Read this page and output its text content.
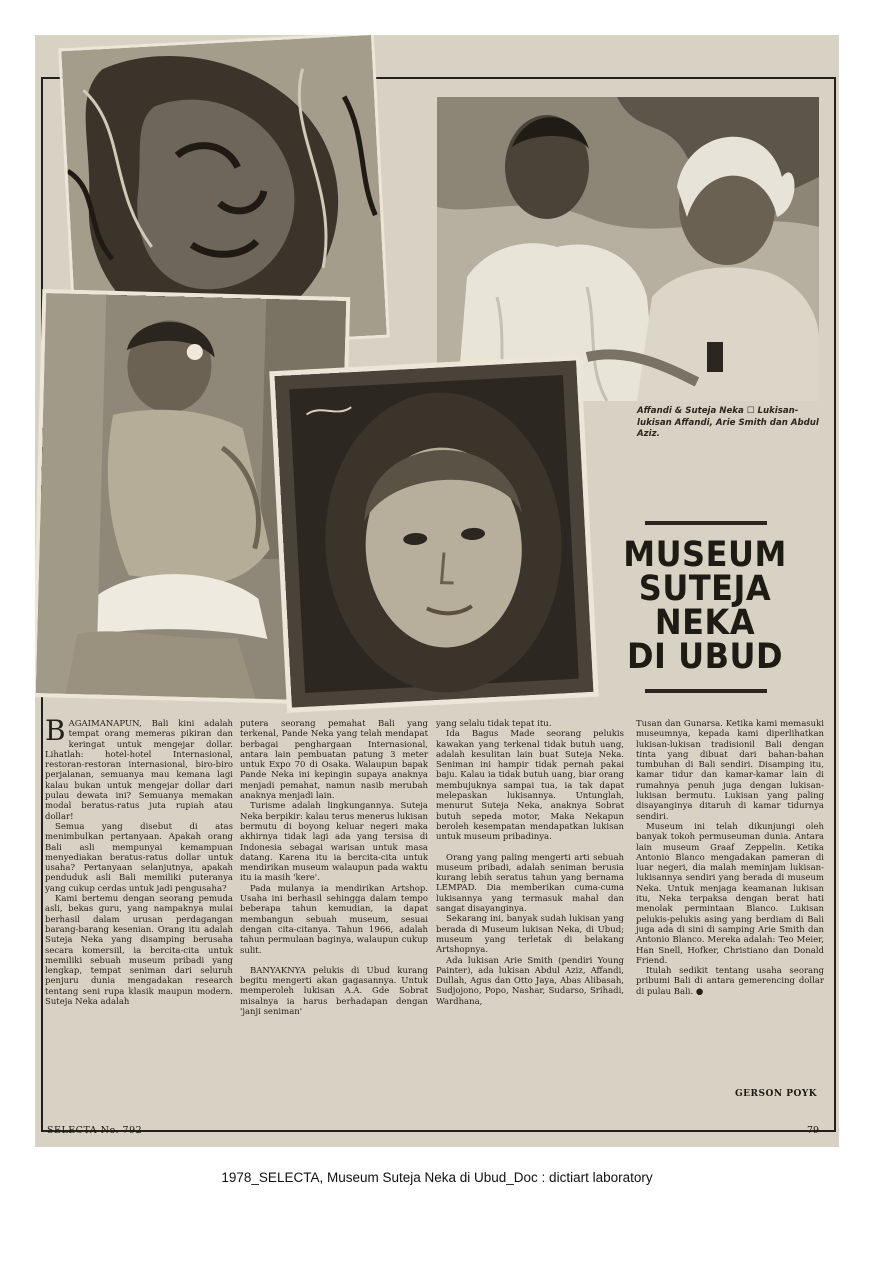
Affandi & Suteja Neka ☐ Lukisan-lukisan Affandi, Arie Smith dan Abdul Aziz.
MUSEUM
SUTEJA
NEKA
DI UBUD

BAGAIMANAPUN, Bali kini adalah tempat orang memeras pikiran dan keringat untuk mengejar dollar. Lihatlah: hotel-hotel Internasional, restoran-restoran internasional, biro-biro perjalanan, semuanya mau kemana lagi kalau bukan untuk mengejar dollar dari pulau dewata ini? Semuanya memakan modal beratus-ratus juta rupiah atau dollar!

Semua yang disebut di atas menimbulkan pertanyaan. Apakah orang Bali asli mempunyai kemampuan menyediakan beratus-ratus dollar untuk usaha? Pertanyaan selanjutnya, apakah penduduk asli Bali memiliki puteranya yang cukup cerdas untuk jadi pengusaha?

Kami bertemu dengan seorang pemuda asli, bekas guru, yang nampaknya mulai berhasil dalam urusan perdagangan barang-barang kesenian. Orang itu adalah Suteja Neka yang disamping berusaha secara komersiil, ia bercita-cita untuk memiliki sebuah museum pribadi yang lengkap, tempat seniman dari seluruh penjuru dunia mengadakan research tentang seni rupa klasik maupun modern. Suteja Neka adalah

putera seorang pemahat Bali yang terkenal, Pande Neka yang telah mendapat berbagai penghargaan Internasional, antara lain pembuatan patung 3 meter untuk Expo 70 di Osaka. Walaupun bapak Pande Neka ini kepingin supaya anaknya menjadi pemahat, namun nasib merubah anaknya menjadi lain.

Turisme adalah lingkungannya. Suteja Neka berpikir: kalau terus menerus lukisan bermutu di boyong keluar negeri maka akhirnya tidak lagi ada yang tersisa di Indonesia sebagai warisan untuk masa datang. Karena itu ia bercita-cita untuk mendirikan museum walaupun pada waktu itu ia masih 'kere'.

Pada mulanya ia mendirikan Artshop. Usaha ini berhasil sehingga dalam tempo beberapa tahun kemudian, ia dapat membangun sebuah museum, sesuai dengan cita-citanya. Tahun 1966, adalah tahun permulaan baginya, walaupun cukup sulit.

BANYAKNYA pelukis di Ubud kurang begitu mengerti akan gagasannya. Untuk memperoleh lukisan A.A. Gde Sobrat misalnya ia harus berhadapan dengan 'janji seniman'

yang selalu tidak tepat itu.

Ida Bagus Made seorang pelukis kawakan yang terkenal tidak butuh uang, adalah kesulitan lain buat Suteja Neka. Seniman ini hampir tidak pernah pakai baju. Kalau ia tidak butuh uang, biar orang membujuknya sampai tua, ia tak dapat melepaskan lukisannya. Untunglah, menurut Suteja Neka, anaknya Sobrat butuh sepeda motor, Maka Nekapun beroleh kesempatan mendapatkan lukisan untuk museum pribadinya.

Orang yang paling mengerti arti sebuah museum pribadi, adalah seniman berusia kurang lebih seratus tahun yang bernama LEMPAD. Dia memberikan cuma-cuma lukisannya yang termasuk mahal dan sangat disayanginya.

Sekarang ini, banyak sudah lukisan yang berada di Museum lukisan Neka, di Ubud; museum yang terletak di belakang Artshopnya.

Ada lukisan Arie Smith (pendiri Young Painter), ada lukisan Abdul Aziz, Affandi, Dullah, Agus dan Otto Jaya, Abas Alibasah, Sudjojono, Popo, Nashar, Sudarso, Srihadi, Wardhana,

Tusan dan Gunarsa. Ketika kami memasuki museumnya, kepada kami diperlihatkan lukisan-lukisan tradisionil Bali dengan tinta yang dibuat dari bahan-bahan tumbuhan di Bali sendiri. Disamping itu, kamar tidur dan kamar-kamar lain di rumahnya penuh juga dengan lukisan-lukisan bermutu. Lukisan yang paling disayanginya ditaruh di kamar tidurnya sendiri.

Museum ini telah dikunjungi oleh banyak tokoh permuseuman dunia. Antara lain museum Graaf Zeppelin. Ketika Antonio Blanco mengadakan pameran di luar negeri, dia malah meminjam lukisan-lukisannya sendiri yang berada di museum Neka. Untuk menjaga keamanan lukisan itu, Neka terpaksa dengan berat hati menolak permintaan Blanco. Lukisan pelukis-pelukis asing yang berdiam di Bali juga ada di sini di samping Arie Smith dan Antonio Blanco. Mereka adalah: Teo Meier, Han Snell, Hofker, Christiano dan Donald Friend.

Itulah sedikit tentang usaha seorang pribumi Bali di antara gemerencing dollar di pulau Bali. ●

GERSON POYK
SELECTA No. 792	79
1978_SELECTA, Museum Suteja Neka di Ubud_Doc : dictiart laboratory
